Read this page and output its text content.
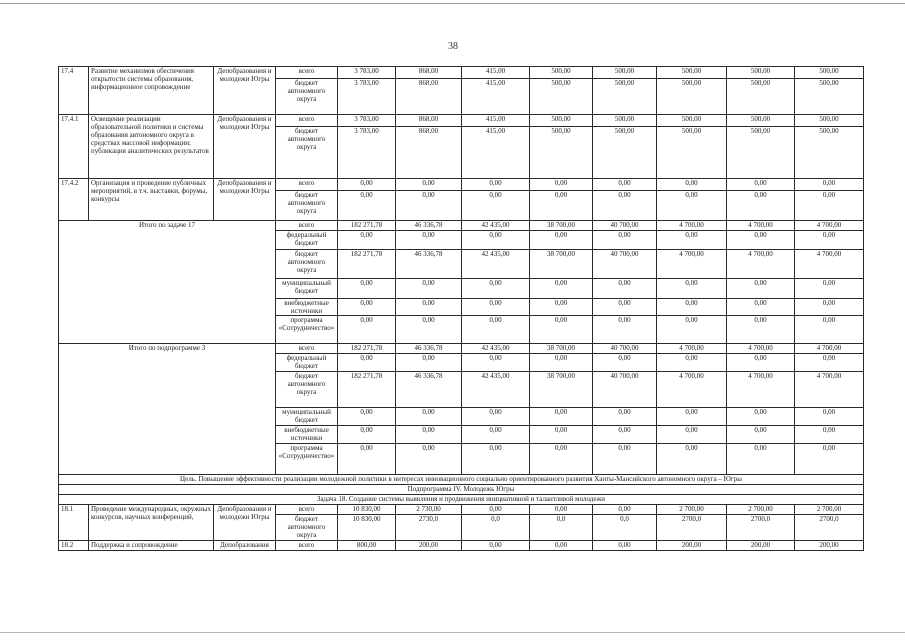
38
17.4	Развитие механизмов обеспечения открытости системы образования, информационное сопровождение	Депобразования и молодежи Югры	всего	3 783,00	868,00	415,00	500,00	500,00	500,00	500,00	500,00
			бюджет автономного округа	3 783,00	868,00	415,00	500,00	500,00	500,00	500,00	500,00
17.4.1	Освещение реализации образовательной политики и системы образования автономного округа в средствах массовой информации; публикация аналитических результатов	Депобразования и молодежи Югры	всего	3 783,00	868,00	415,00	500,00	500,00	500,00	500,00	500,00
			бюджет автономного округа	3 783,00	868,00	415,00	500,00	500,00	500,00	500,00	500,00
17.4.2	Организация и проведение публичных мероприятий, в т.ч. выставки, форумы, конкурсы	Депобразования и молодежи Югры	всего	0,00	0,00	0,00	0,00	0,00	0,00	0,00	0,00
			бюджет автономного округа	0,00	0,00	0,00	0,00	0,00	0,00	0,00	0,00
Итого по задаче 17			всего	182 271,78	46 336,78	42 435,00	38 700,00	40 700,00	4 700,00	4 700,00	4 700,00
			федеральный бюджет	0,00	0,00	0,00	0,00	0,00	0,00	0,00	0,00
			бюджет автономного округа	182 271,78	46 336,78	42 435,00	38 700,00	40 700,00	4 700,00	4 700,00	4 700,00
			муниципальный бюджет	0,00	0,00	0,00	0,00	0,00	0,00	0,00	0,00
			внебюджетные источники	0,00	0,00	0,00	0,00	0,00	0,00	0,00	0,00
			программа «Сотрудничество»	0,00	0,00	0,00	0,00	0,00	0,00	0,00	0,00
Итого по подпрограмме 3			всего	182 271,78	46 336,78	42 435,00	38 700,00	40 700,00	4 700,00	4 700,00	4 700,00
			федеральный бюджет	0,00	0,00	0,00	0,00	0,00	0,00	0,00	0,00
			бюджет автономного округа	182 271,78	46 336,78	42 435,00	38 700,00	40 700,00	4 700,00	4 700,00	4 700,00
			муниципальный бюджет	0,00	0,00	0,00	0,00	0,00	0,00	0,00	0,00
			внебюджетные источники	0,00	0,00	0,00	0,00	0,00	0,00	0,00	0,00
			программа «Сотрудничество»	0,00	0,00	0,00	0,00	0,00	0,00	0,00	0,00
Цель. Повышение эффективности реализации молодежной политики в интересах инновационного социально ориентированного развития Ханты-Мансийского автономного округа – Югры											
Подпрограмма IV. Молодежь Югры											
Задача 18. Создание системы выявления и продвижения инициативной и талантливой молодежи											
18.1	Проведение международных, окружных конкурсов, научных конференций,	Депобразования и молодежи Югры	всего	10 830,00	2 730,00	0,00	0,00	0,00	2 700,00	2 700,00	2 700,00
			бюджет автономного округа	10 830,00	2730,0	0,0	0,0	0,0	2700,0	2700,0	2700,0
18.2	Поддержка и сопровождение	Депобразования	всего	800,00	200,00	0,00	0,00	0,00	200,00	200,00	200,00
